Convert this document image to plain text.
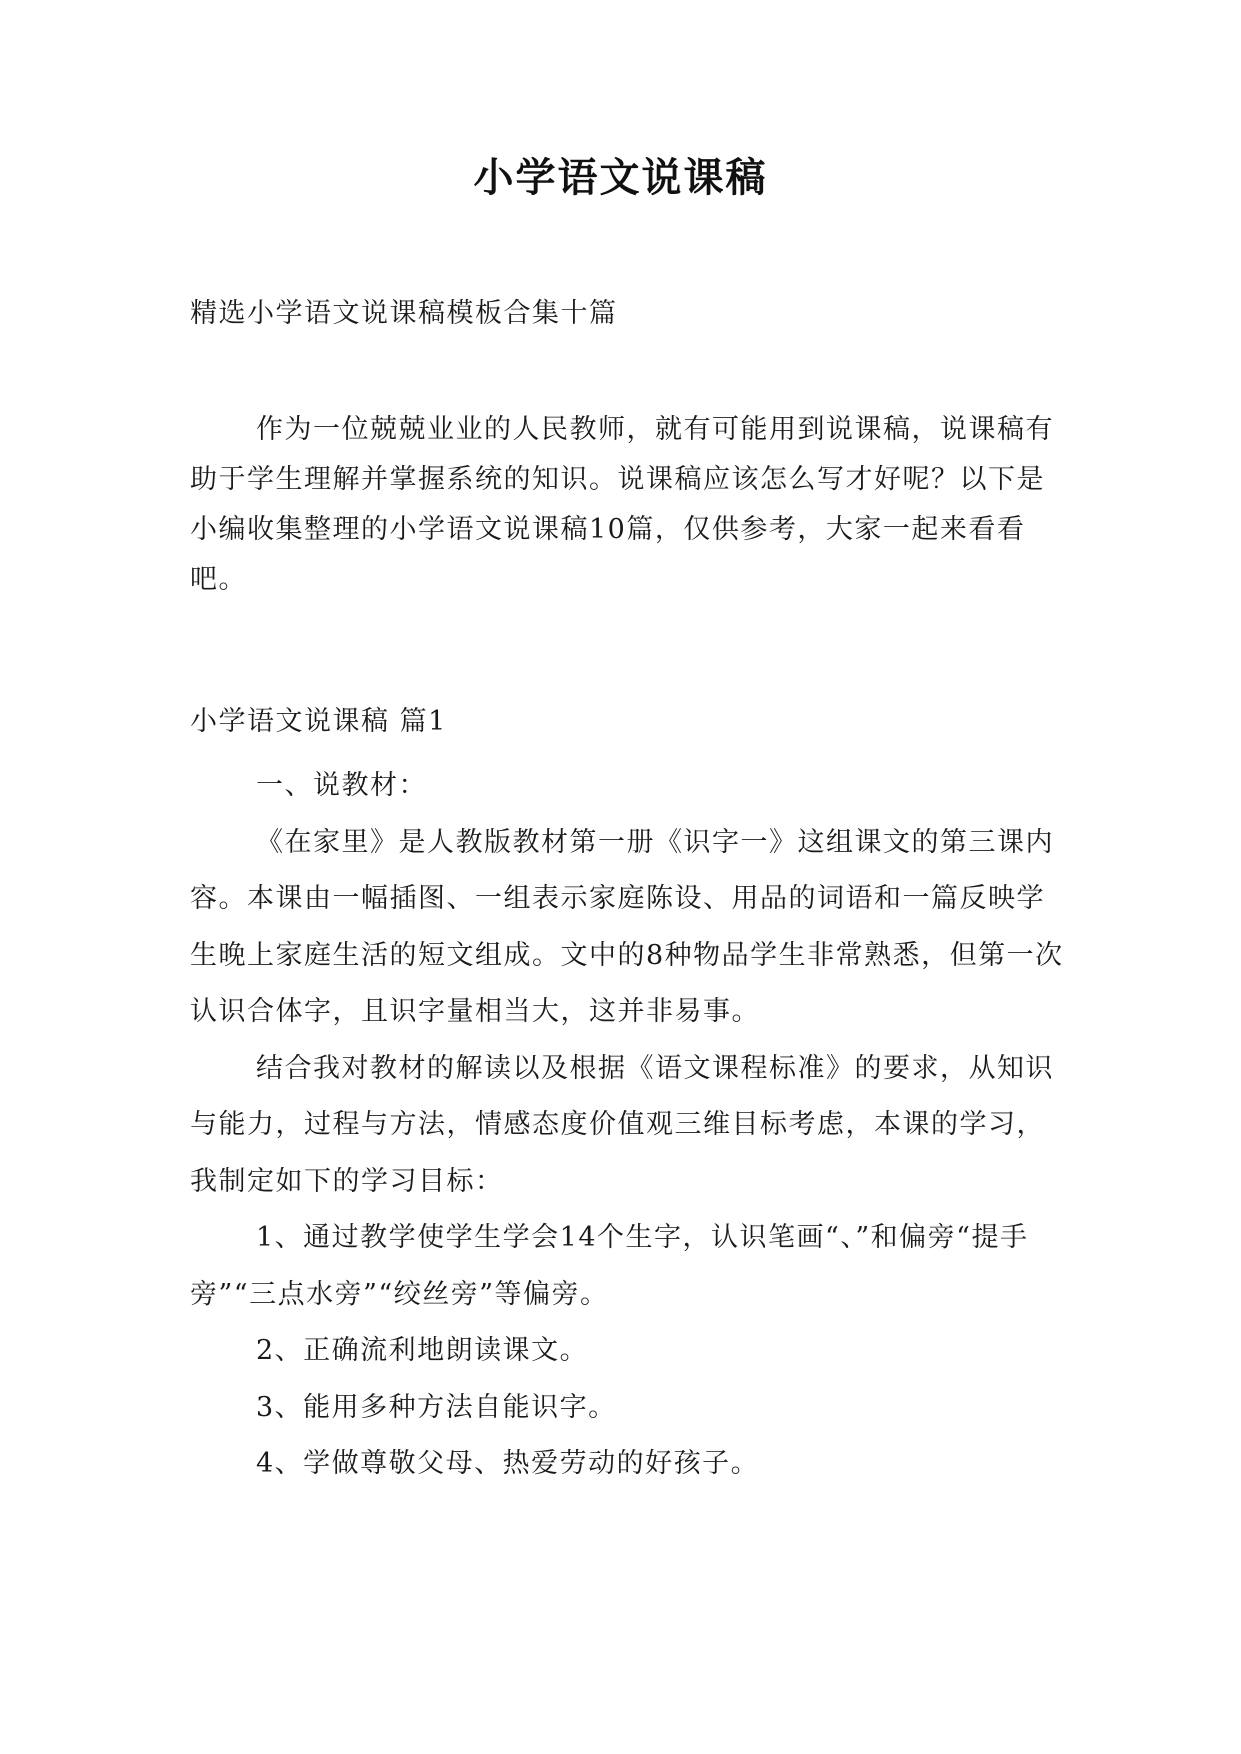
小学语文说课稿
精选小学语文说课稿模板合集十篇

作为一位兢兢业业的人民教师，就有可能用到说课稿，说课稿有助于学生理解并掌握系统的知识。说课稿应该怎么写才好呢？以下是小编收集整理的小学语文说课稿10篇，仅供参考，大家一起来看看吧。

小学语文说课稿 篇1

一、说教材：

《在家里》是人教版教材第一册《识字一》这组课文的第三课内容。本课由一幅插图、一组表示家庭陈设、用品的词语和一篇反映学生晚上家庭生活的短文组成。文中的8种物品学生非常熟悉，但第一次认识合体字，且识字量相当大，这并非易事。

结合我对教材的解读以及根据《语文课程标准》的要求，从知识与能力，过程与方法，情感态度价值观三维目标考虑，本课的学习，我制定如下的学习目标：

1、通过教学使学生学会14个生字，认识笔画“、”和偏旁“提手旁”“三点水旁”“绞丝旁”等偏旁。

2、正确流利地朗读课文。

3、能用多种方法自能识字。

4、学做尊敬父母、热爱劳动的好孩子。
